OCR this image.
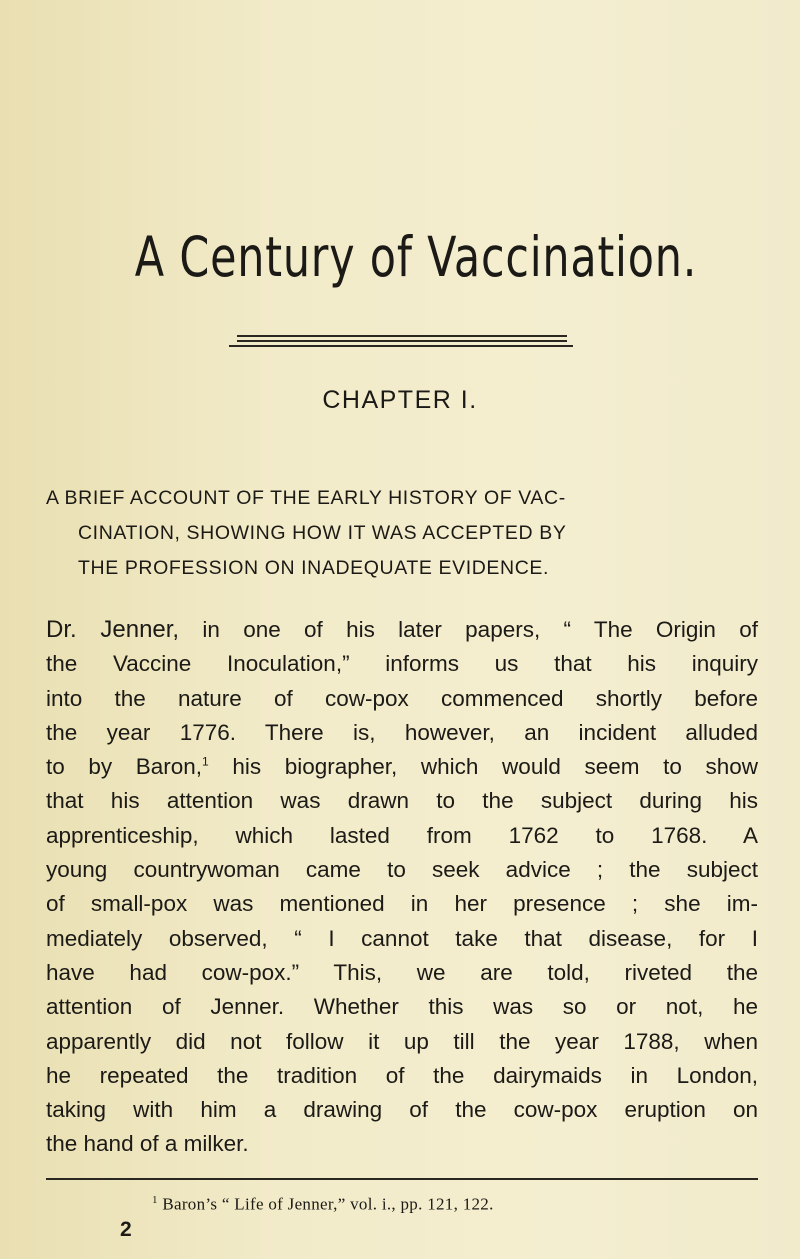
A Century of Vaccination.
CHAPTER I.
A BRIEF ACCOUNT OF THE EARLY HISTORY OF VAC-
CINATION, SHOWING HOW IT WAS ACCEPTED BY
THE PROFESSION ON INADEQUATE EVIDENCE.
Dr. Jenner, in one of his later papers, “ The Origin of
the Vaccine Inoculation,” informs us that his inquiry
into the nature of cow-pox commenced shortly before
the year 1776. There is, however, an incident alluded
to by Baron,$^1$ his biographer, which would seem to show
that his attention was drawn to the subject during his
apprenticeship, which lasted from 1762 to 1768. A
young countrywoman came to seek advice ; the subject
of small-pox was mentioned in her presence ; she im-
mediately observed, “ I cannot take that disease, for I
have had cow-pox.” This, we are told, riveted the
attention of Jenner. Whether this was so or not, he
apparently did not follow it up till the year 1788, when
he repeated the tradition of the dairymaids in London,
taking with him a drawing of the cow-pox eruption on
the hand of a milker.
$^1$ Baron’s “ Life of Jenner,” vol. i., pp. 121, 122.
2
